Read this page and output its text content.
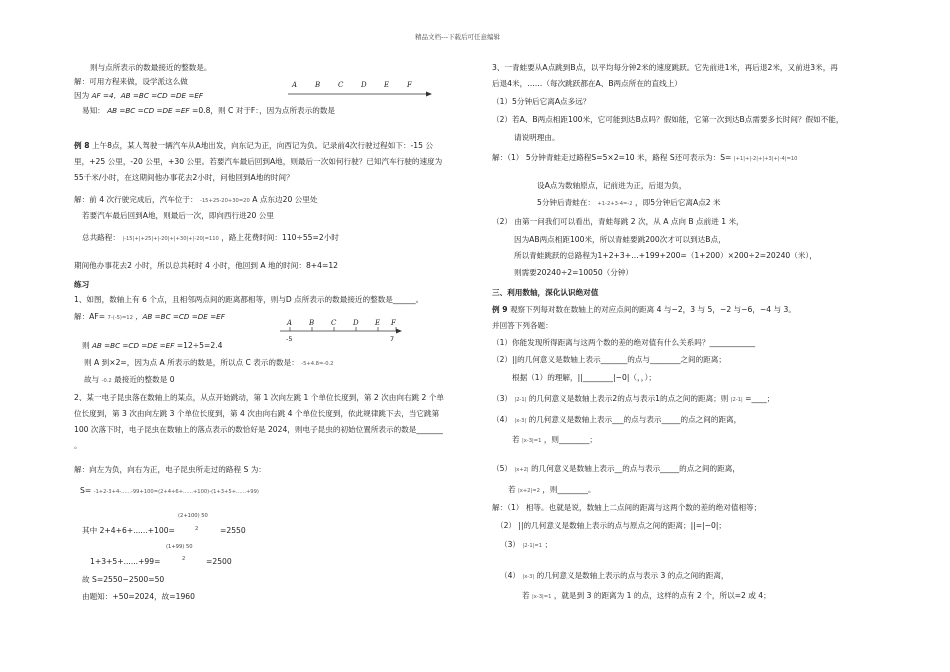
精品文档---下载后可任意编辑
则与点所表示的数最接近的整数是。
解：可用方程来做，设学派这么做
因为 AF =4，AB =BC =CD =DE =EF
易知： AB =BC =CD =DE =EF =0.8，则 C 对于F：，因为点所表示的数是
A	B	C	D E	F
例 8 上午8点，某人驾驶一辆汽车从A地出发，向东记为正，向西记为负。记录前4次行驶过程如下：-15 公
里，+25 公里，-20 公里，+30 公里。若要汽车最后回到A地，则最后一次如何行驶？已知汽车行驶的速度为
55千米/小时，在这期间他办事花去2小时，问他回到A地的时间？
解：前 4 次行驶完成后，汽车位于： -15+25-20+30=20 A 点东边20 公里处
若要汽车最后回到A地，则最后一次，即向西行进20 公里
总共路程： |-15|+|+25|+|-20|+|+30|+|-20|=110 ，路上花费时间：110÷55=2小时
期间他办事花去2 小时，所以总共耗时 4 小时，他回到 A 地的时间：8+4=12
练习
1、如图，数轴上有 6 个点，且相邻两点间的距离都相等，则与D 点所表示的数最接近的整数是______。
解：AF= 7-(-5)=12 ，AB =BC =CD =DE =EF
A B C D E F
-5	7
则 AB =BC =CD =DE =EF =12÷5=2.4
则 A 到×2=，因为点 A 所表示的数是，所以点 C 表示的数是： -5+4.8=-0.2
故与 -0.2 最接近的整数是 0
2、某一电子昆虫落在数轴上的某点，从点开始跳动，第 1 次向左跳 1 个单位长度到，第 2 次由向右跳 2 个单
位长度到，第 3 次由向左跳 3 个单位长度到，第 4 次由向右跳 4 个单位长度到，依此规律跳下去，当它跳第
100 次落下时，电子昆虫在数轴上的落点表示的数恰好是 2024，则电子昆虫的初始位置所表示的数是_______
。
解：向左为负，向右为正，电子昆虫所走过的路程 S 为：
S= -1+2-3+4-......-99+100=(2+4+6+......+100)-(1+3+5+......+99)
(2+100) 50
其中 2+4+6+......+100=	2	=2550
(1+99) 50
1+3+5+......+99=	2	=2500
故 S=2550−2500=50
由题知：+50=2024，故=1960
3、一青蛙要从A点跳到B点，以平均每分钟2米的速度跳跃。它先前进1米，再后退2米，又前进3米，再
后退4米，……（每次跳跃都在A、B两点所在的直线上）
（1）5分钟后它离A点多远？
（2）若A、B两点相距100米，它可能到达B点吗？假如能，它第一次到达B点需要多长时间？假如不能，
请说明理由。
解：（1） 5分钟青蛙走过路程S=5×2=10 米，路程 S还可表示为：S= |+1|+|-2|+|+3|+|-4|=10
设A点为数轴原点，记前进为正，后退为负，
5分钟后青蛙在： +1-2+3-4=-2 ，即5分钟后它离A点2 米
（2） 由第一问我们可以看出，青蛙每跳 2 次，从 A 点向 B 点前进 1 米，
因为AB两点相距100米，所以青蛙要跳200次才可以到达B点，
所以青蛙跳跃的总路程为1+2+3+…+199+200=（1+200）×200÷2=20240（米），
则需要20240÷2=10050（分钟）
三、利用数轴，深化认识绝对值
例 9 观察下列每对数在数轴上的对应点间的距离 4 与−2，3 与 5，−2 与−6，−4 与 3。
并回答下列各题：
（1）你能发现所得距离与这两个数的差的绝对值有什么关系吗？____________
（2）||的几何意义是数轴上表示_______的点与________之间的距离；
根据（1）的理解，||________|−0|（，，）；
（3） |2-1| 的几何意义是数轴上表示2的点与表示1的点之间的距离；则 |2-1| =____；
（4） |x-3| 的几何意义是数轴上表示___的点与表示_____的点之间的距离，
若 |x-3|=1 ，则________；
（5） |x+2| 的几何意义是数轴上表示__的点与表示_____的点之间的距离，
若 |x+2|=2 ，则________。
解：（1） 相等。也就是说，数轴上二点间的距离与这两个数的差的绝对值相等；
（2） ||的几何意义是数轴上表示的点与原点之间的距离；||=|−0|；
（3） |2-1|=1 ；
（4） |x-3| 的几何意义是数轴上表示的点与表示 3 的点之间的距离，
若 |x-3|=1 ，就是到 3 的距离为 1 的点，这样的点有 2 个，所以=2 或 4；
